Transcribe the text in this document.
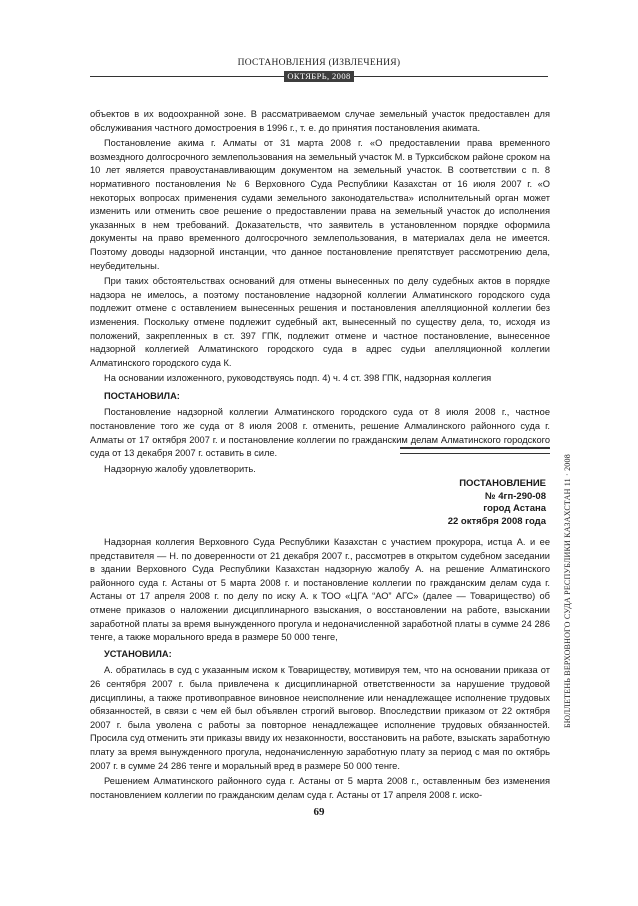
ПОСТАНОВЛЕНИЯ (ИЗВЛЕЧЕНИЯ)
ОКТЯБРЬ, 2008

объектов в их водоохранной зоне. В рассматриваемом случае земельный участок предоставлен для обслуживания частного домостроения в 1996 г., т. е. до принятия постановления акимата.

Постановление акима г. Алматы от 31 марта 2008 г. «О предоставлении права временного возмездного долгосрочного землепользования на земельный участок М. в Турксибском районе сроком на 10 лет является правоустанавливающим документом на земельный участок. В соответствии с п. 8 нормативного постановления № 6 Верховного Суда Республики Казахстан от 16 июля 2007 г. «О некоторых вопросах применения судами земельного законодательства» исполнительный орган может изменить или отменить свое решение о предоставлении права на земельный участок до исполнения указанных в нем требований. Доказательств, что заявитель в установленном порядке оформила документы на право временного долгосрочного землепользования, в материалах дела не имеется. Поэтому доводы надзорной инстанции, что данное постановление препятствует рассмотрению дела, неубедительны.

При таких обстоятельствах оснований для отмены вынесенных по делу судебных актов в порядке надзора не имелось, а поэтому постановление надзорной коллегии Алматинского городского суда подлежит отмене с оставлением вынесенных решения и постановления апелляционной коллегии без изменения. Поскольку отмене подлежит судебный акт, вынесенный по существу дела, то, исходя из положений, закрепленных в ст. 397 ГПК, подлежит отмене и частное постановление, вынесенное надзорной коллегией Алматинского городского суда в адрес судьи апелляционной коллегии Алматинского городского суда К.

На основании изложенного, руководствуясь подп. 4) ч. 4 ст. 398 ГПК, надзорная коллегия

ПОСТАНОВИЛА:

Постановление надзорной коллегии Алматинского городского суда от 8 июля 2008 г., частное постановление того же суда от 8 июля 2008 г. отменить, решение Алмалинского районного суда г. Алматы от 17 октября 2007 г. и постановление коллегии по гражданским делам Алматинского городского суда от 13 декабря 2007 г. оставить в силе.

Надзорную жалобу удовлетворить.

ПОСТАНОВЛЕНИЕ
№ 4гп-290-08
город Астана
22 октября 2008 года

Надзорная коллегия Верховного Суда Республики Казахстан с участием прокурора, истца А. и ее представителя — Н. по доверенности от 21 декабря 2007 г., рассмотрев в открытом судебном заседании в здании Верховного Суда Республики Казахстан надзорную жалобу А. на решение Алматинского районного суда г. Астаны от 5 марта 2008 г. и постановление коллегии по гражданским делам суда г. Астаны от 17 апреля 2008 г. по делу по иску А. к ТОО «ЦГА “АО” АГС» (далее — Товарищество) об отмене приказов о наложении дисциплинарного взыскания, о восстановлении на работе, взыскании заработной платы за время вынужденного прогула и недоначисленной заработной платы в сумме 24 286 тенге, а также морального вреда в размере 50 000 тенге,

УСТАНОВИЛА:

А. обратилась в суд с указанным иском к Товариществу, мотивируя тем, что на основании приказа от 26 сентября 2007 г. была привлечена к дисциплинарной ответственности за нарушение трудовой дисциплины, а также противоправное виновное неисполнение или ненадлежащее исполнение трудовых обязанностей, в связи с чем ей был объявлен строгий выговор. Впоследствии приказом от 22 октября 2007 г. была уволена с работы за повторное ненадлежащее исполнение трудовых обязанностей. Просила суд отменить эти приказы ввиду их незаконности, восстановить на работе, взыскать заработную плату за время вынужденного прогула, недоначисленную заработную плату за период с мая по октябрь 2007 г. в сумме 24 286 тенге и моральный вред в размере 50 000 тенге.

Решением Алматинского районного суда г. Астаны от 5 марта 2008 г., оставленным без изменения постановлением коллегии по гражданским делам суда г. Астаны от 17 апреля 2008 г. иско-

БЮЛЛЕТЕНЬ ВЕРХОВНОГО СУДА РЕСПУБЛИКИ КАЗАХСТАН 11 · 2008
69
